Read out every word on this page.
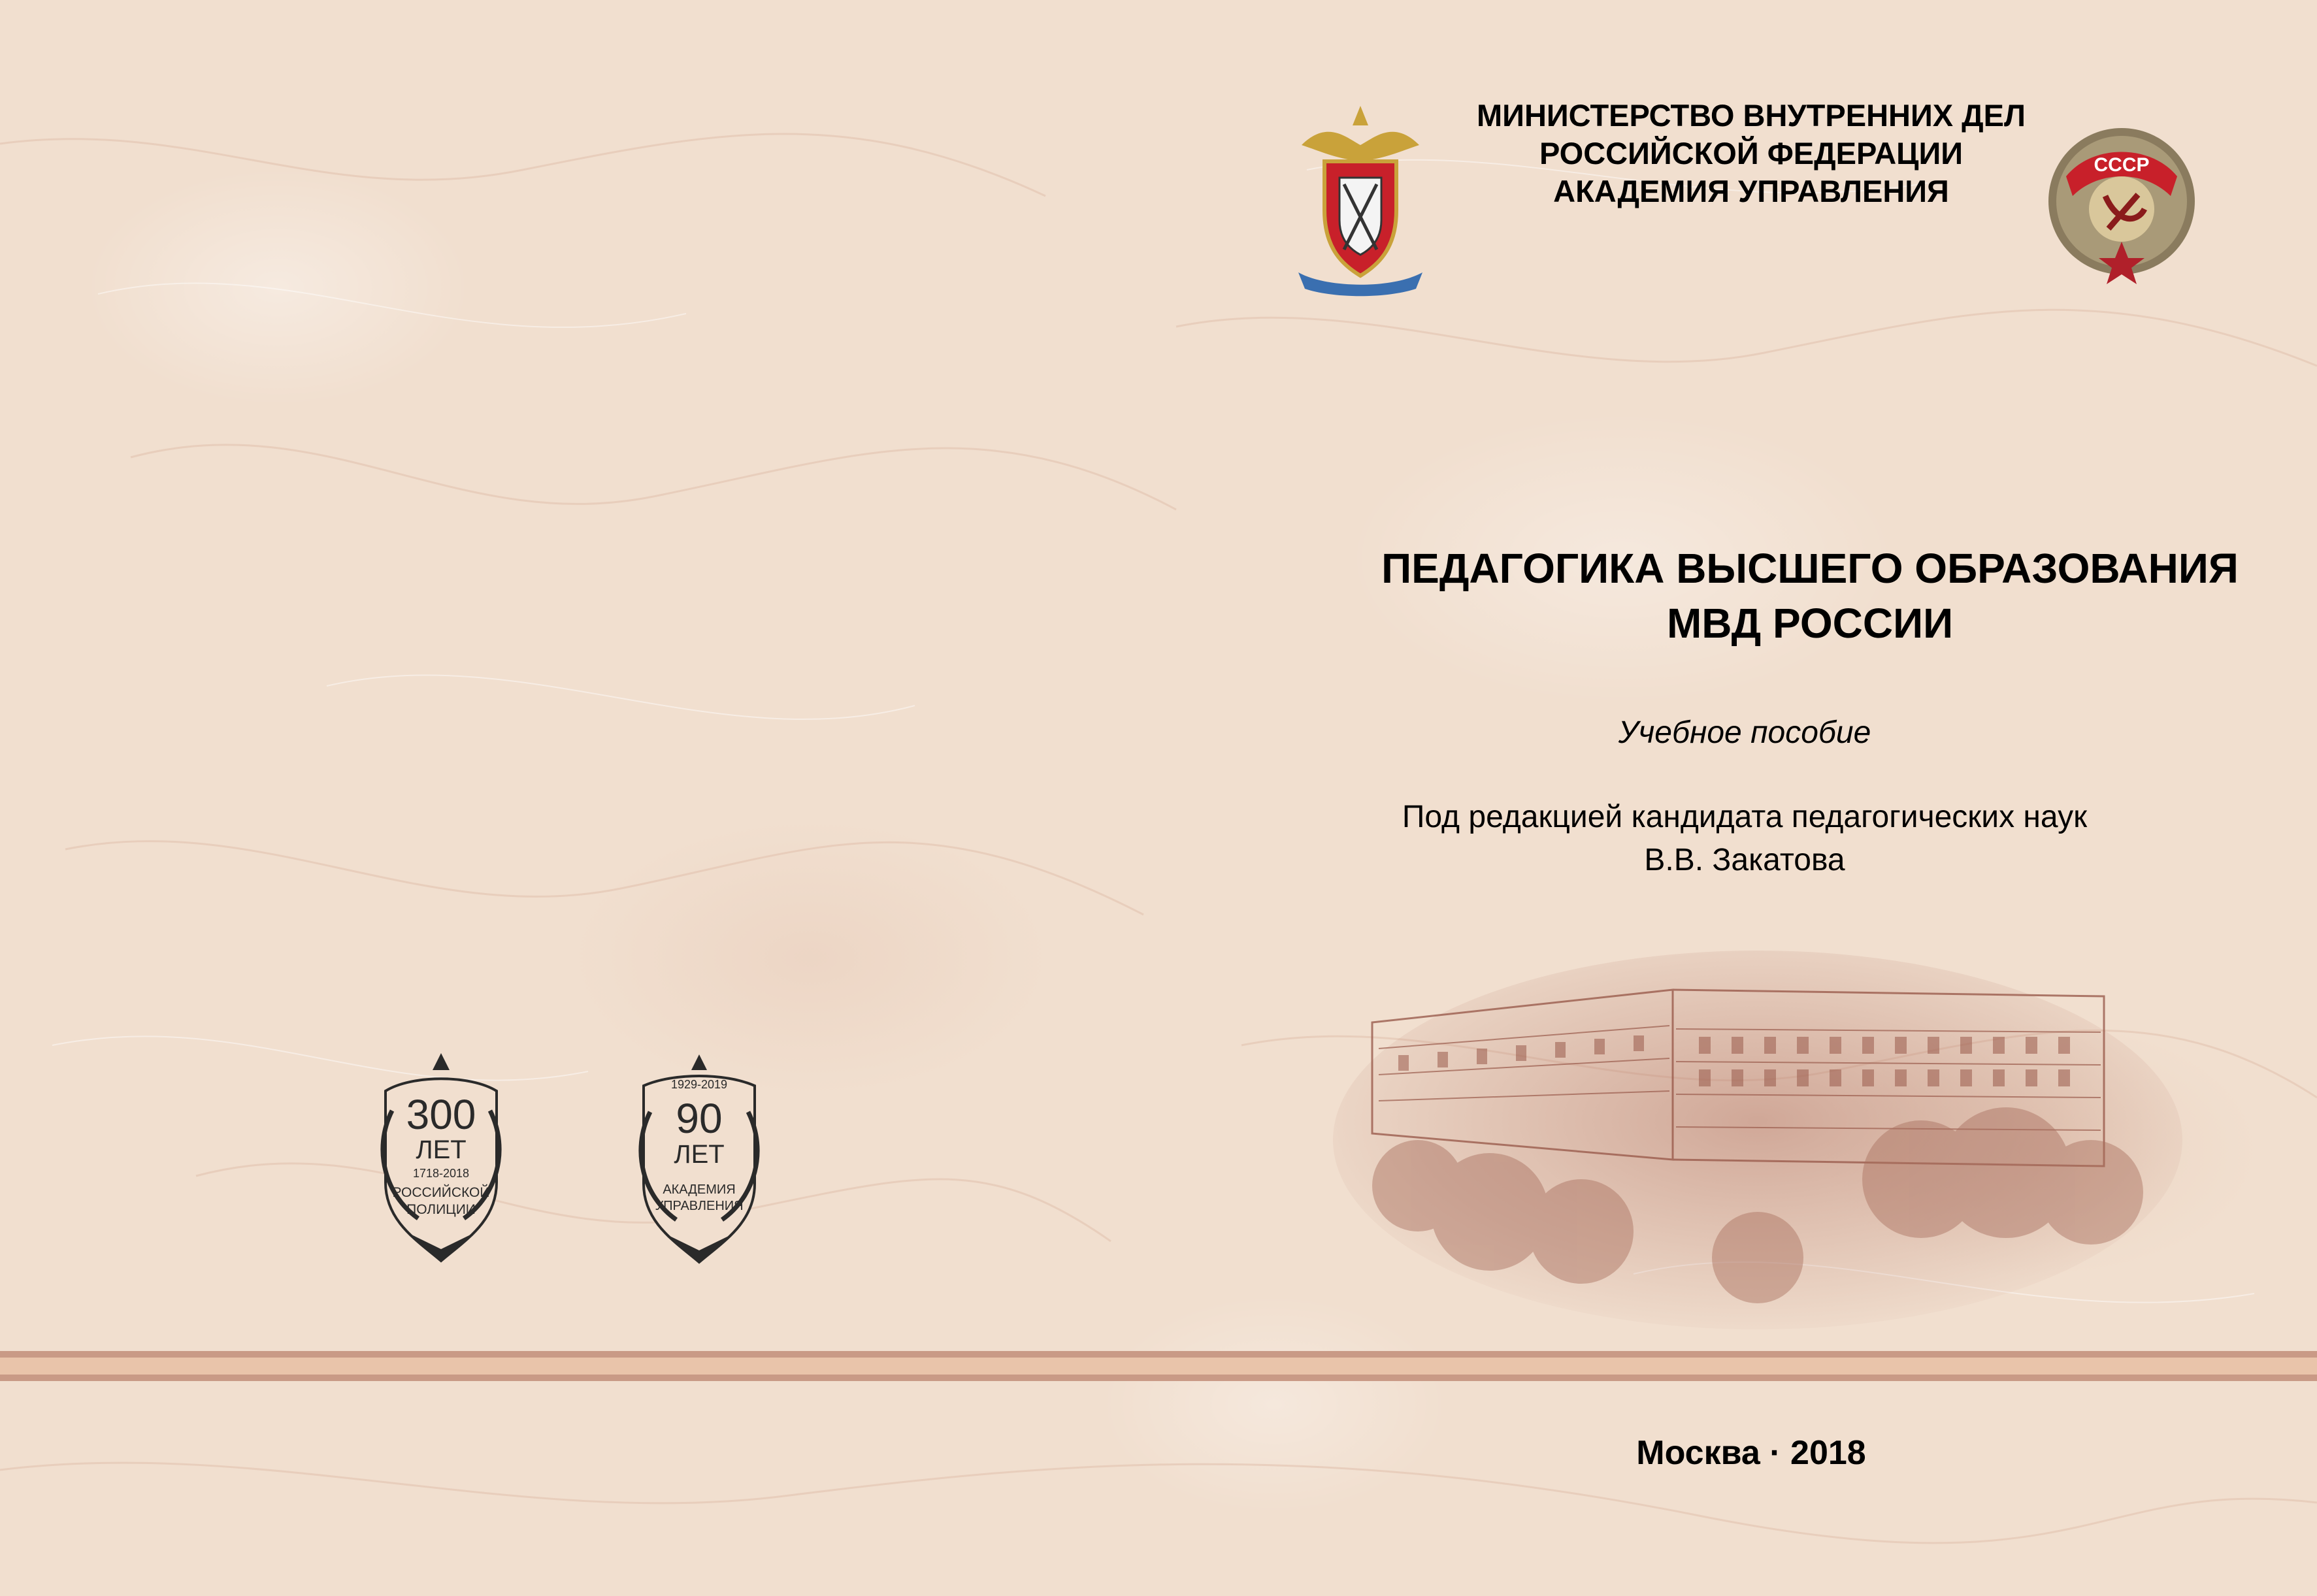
МИНИСТЕРСТВО ВНУТРЕННИХ ДЕЛ
РОССИЙСКОЙ ФЕДЕРАЦИИ
АКАДЕМИЯ УПРАВЛЕНИЯ
СССР
ПЕДАГОГИКА ВЫСШЕГО ОБРАЗОВАНИЯ
МВД РОССИИ
Учебное пособие
Под редакцией кандидата педагогических наук
В.В. Закатова
300
ЛЕТ
1718-2018
РОССИЙСКОЙ
ПОЛИЦИИ
1929-2019
90
ЛЕТ
АКАДЕМИЯ
УПРАВЛЕНИЯ
Москва · 2018
